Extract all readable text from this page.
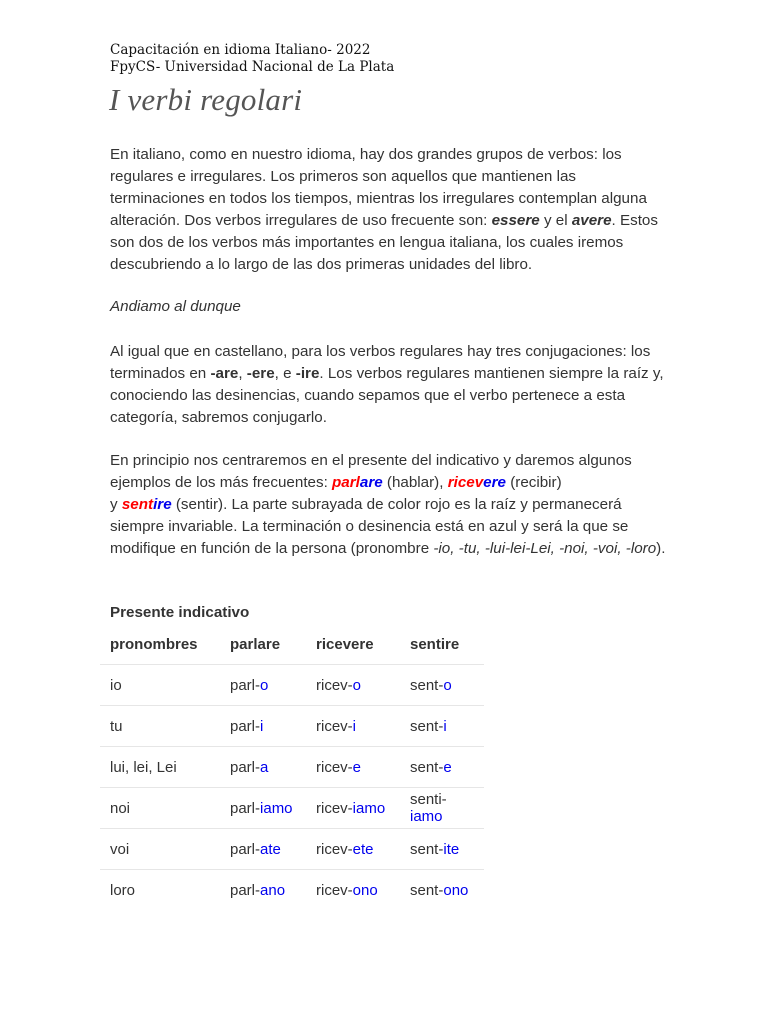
Capacitación en idioma Italiano- 2022
FpyCS- Universidad Nacional de La Plata
I verbi regolari
En italiano, como en nuestro idioma, hay dos grandes grupos de verbos: los regulares e irregulares. Los primeros son aquellos que mantienen las terminaciones en todos los tiempos, mientras los irregulares contemplan alguna alteración. Dos verbos irregulares de uso frecuente son: essere y el avere. Estos son dos de los verbos más importantes en lengua italiana, los cuales iremos descubriendo a lo largo de las dos primeras unidades del libro.
Andiamo al dunque
Al igual que en castellano, para los verbos regulares hay tres conjugaciones: los terminados en -are, -ere, e -ire. Los verbos regulares mantienen siempre la raíz y, conociendo las desinencias, cuando sepamos que el verbo pertenece a esta categoría, sabremos conjugarlo.
En principio nos centraremos en el presente del indicativo y daremos algunos ejemplos de los más frecuentes: parlare (hablar), ricevere (recibir)
y sentire (sentir). La parte subrayada de color rojo es la raíz y permanecerá siempre invariable. La terminación o desinencia está en azul y será la que se modifique en función de la persona (pronombre -io, -tu, -lui-lei-Lei, -noi, -voi, -loro).
Presente indicativo
pronombres	parlare	ricevere	sentire
io	parl-o	ricev-o	sent-o
tu	parl-i	ricev-i	sent-i
lui, lei, Lei	parl-a	ricev-e	sent-e
noi	parl-iamo	ricev-iamo	senti-iamo
voi	parl-ate	ricev-ete	sent-ite
loro	parl-ano	ricev-ono	sent-ono
